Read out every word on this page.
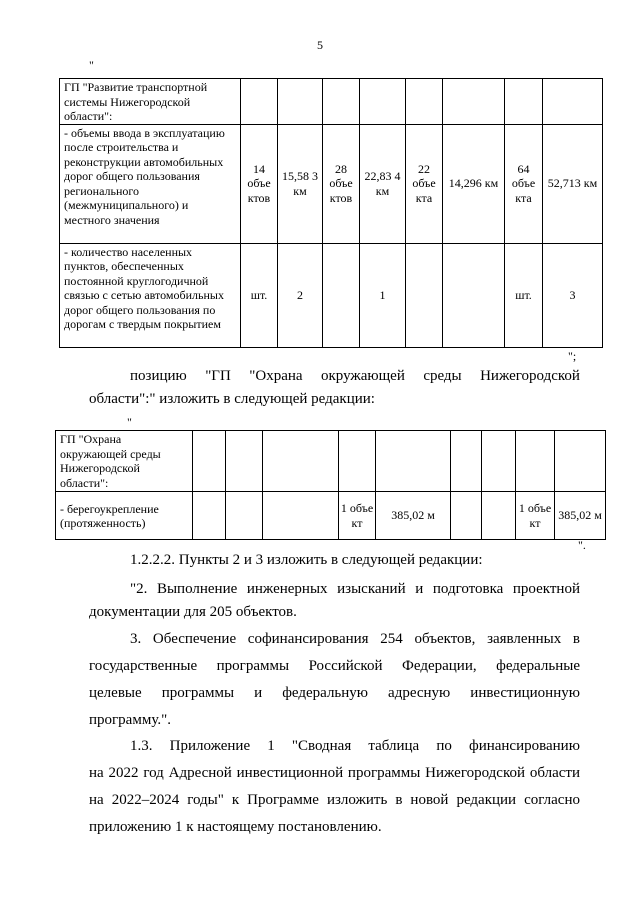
5
"
ГП "Развитие транспортной системы Нижегородской области":								
- объемы ввода в эксплуатацию после строительства и реконструкции автомобильных дорог общего пользования регионального (межмуниципального) и местного значения	14 объе ктов	15,58 3 км	28 объе ктов	22,83 4 км	22 объе кта	14,296 км	64 объе кта	52,713 км
- количество населенных пунктов, обеспеченных постоянной круглогодичной связью с сетью автомобильных дорог общего пользования по дорогам с твердым покрытием	шт.	2		1			шт.	3
";
позицию "ГП "Охрана окружающей среды Нижегородской
области":" изложить в следующей редакции:
"
ГП "Охрана окружающей среды Нижегородской области":									
- берегоукрепление (протяженность)				1 объе кт	385,02 м			1 объе кт	385,02 м
".
1.2.2.2. Пункты 2 и 3 изложить в следующей редакции:
"2. Выполнение инженерных изысканий и подготовка проектной
документации для 205 объектов.
3. Обеспечение софинансирования 254 объектов, заявленных в
государственные программы Российской Федерации, федеральные
целевые программы и федеральную адресную инвестиционную
программу.".
1.3. Приложение 1 "Сводная таблица по финансированию
на 2022 год Адресной инвестиционной программы Нижегородской области
на 2022–2024 годы" к Программе изложить в новой редакции согласно
приложению 1 к настоящему постановлению.
